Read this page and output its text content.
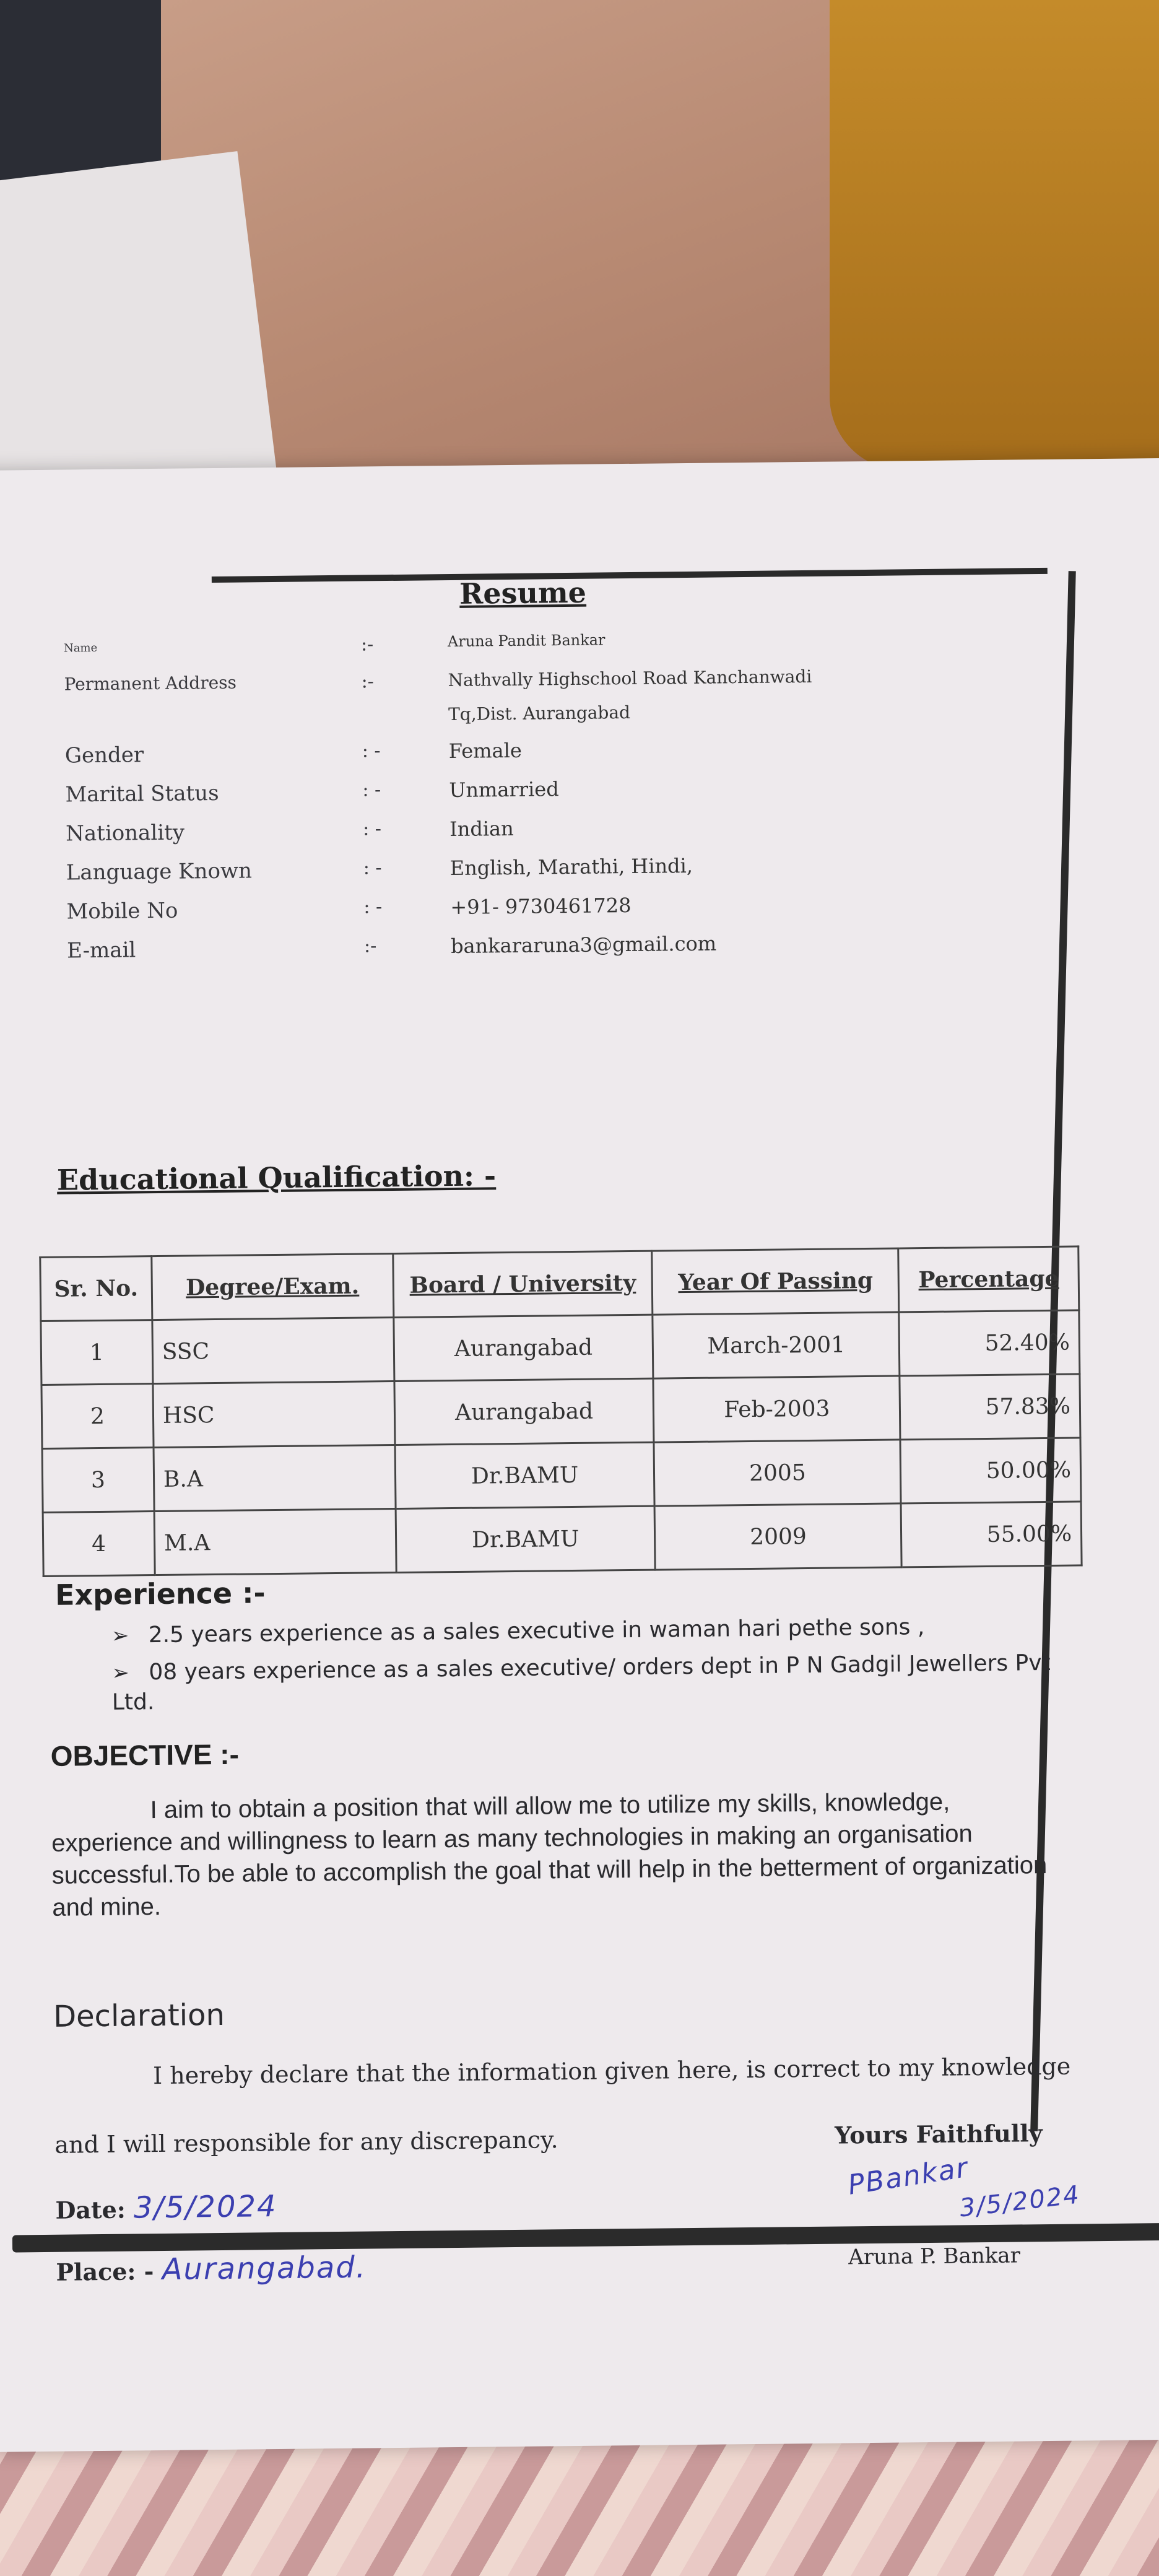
Resume
Name	:-	Aruna Pandit Bankar
Permanent Address	:-	Nathvally Highschool Road Kanchanwadi
Tq,Dist. Aurangabad
Gender	: -	Female
Marital Status	: -	Unmarried
Nationality	: -	Indian
Language Known	: -	English, Marathi, Hindi,
Mobile No	: -	+91- 9730461728
E-mail	:-	bankararuna3@gmail.com
Educational Qualification: -
Sr. No.	Degree/Exam.	Board / University	Year Of Passing	Percentage
1	SSC	Aurangabad	March-2001	52.40%
2	HSC	Aurangabad	Feb-2003	57.83%
3	B.A	Dr.BAMU	2005	50.00%
4	M.A	Dr.BAMU	2009	55.00%
Experience :-
➢ 2.5 years experience as a sales executive in waman hari pethe sons ,
➢ 08 years experience as a sales executive/ orders dept in P N Gadgil Jewellers Pvt Ltd.
OBJECTIVE :-
I aim to obtain a position that will allow me to utilize my skills, knowledge, experience and willingness to learn as many technologies in making an organisation successful.To be able to accomplish the goal that will help in the betterment of organization and mine.
Declaration
I hereby declare that the information given here, is correct to my knowledge and I will responsible for any discrepancy.
Date: 3/5/2024
Place: - Aurangabad.
Yours Faithfully
PBankar
3/5/2024
Aruna P. Bankar
